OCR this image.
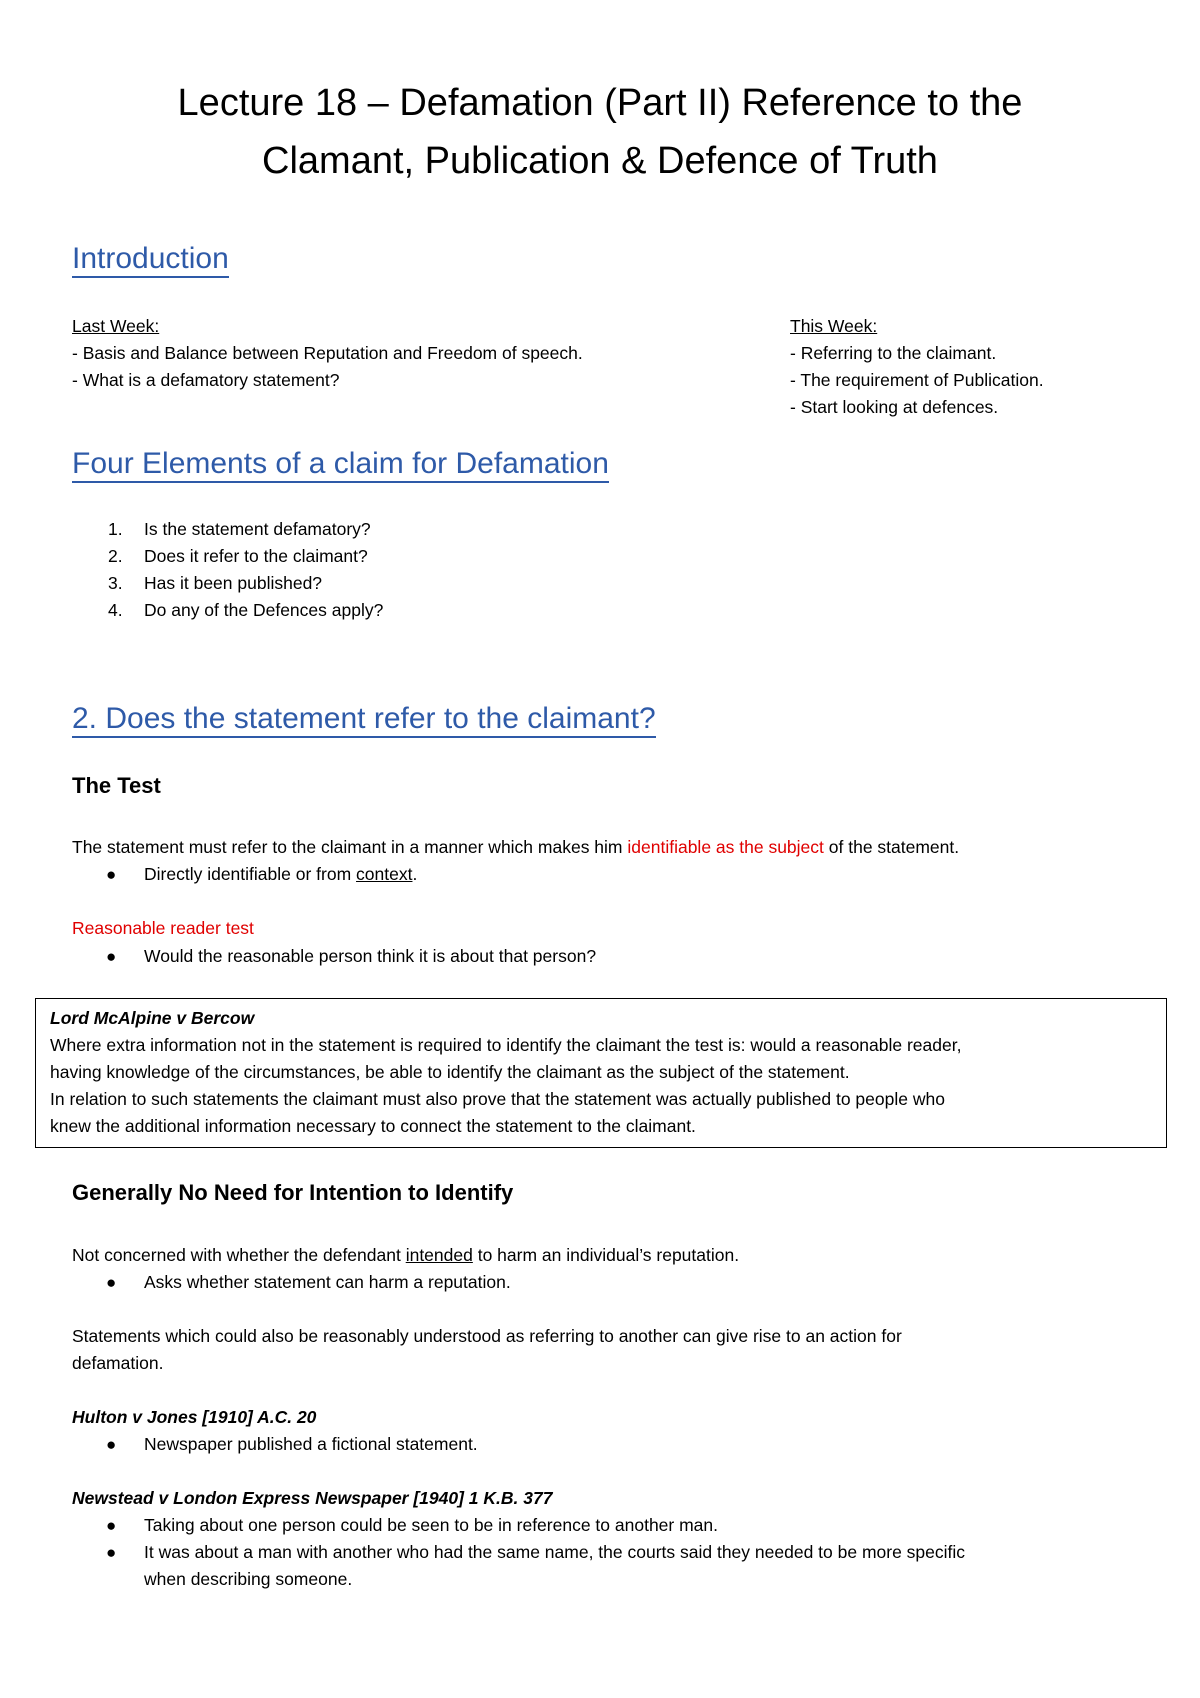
Lecture 18 – Defamation (Part II) Reference to the
Clamant, Publication & Defence of Truth
Introduction
Last Week:
- Basis and Balance between Reputation and Freedom of speech.
- What is a defamatory statement?
This Week:
- Referring to the claimant.
- The requirement of Publication.
- Start looking at defences.
Four Elements of a claim for Defamation
1.	Is the statement defamatory?
2.	Does it refer to the claimant?
3.	Has it been published?
4.	Do any of the Defences apply?
2. Does the statement refer to the claimant?
The Test
The statement must refer to the claimant in a manner which makes him identifiable as the subject of the statement.
● Directly identifiable or from context.
Reasonable reader test
● Would the reasonable person think it is about that person?
Lord McAlpine v Bercow
Where extra information not in the statement is required to identify the claimant the test is: would a reasonable reader,
having knowledge of the circumstances, be able to identify the claimant as the subject of the statement.
In relation to such statements the claimant must also prove that the statement was actually published to people who
knew the additional information necessary to connect the statement to the claimant.
Generally No Need for Intention to Identify
Not concerned with whether the defendant intended to harm an individual’s reputation.
● Asks whether statement can harm a reputation.
Statements which could also be reasonably understood as referring to another can give rise to an action for
defamation.
Hulton v Jones [1910] A.C. 20
● Newspaper published a fictional statement.
Newstead v London Express Newspaper [1940] 1 K.B. 377
● Taking about one person could be seen to be in reference to another man.
● It was about a man with another who had the same name, the courts said they needed to be more specific
when describing someone.
